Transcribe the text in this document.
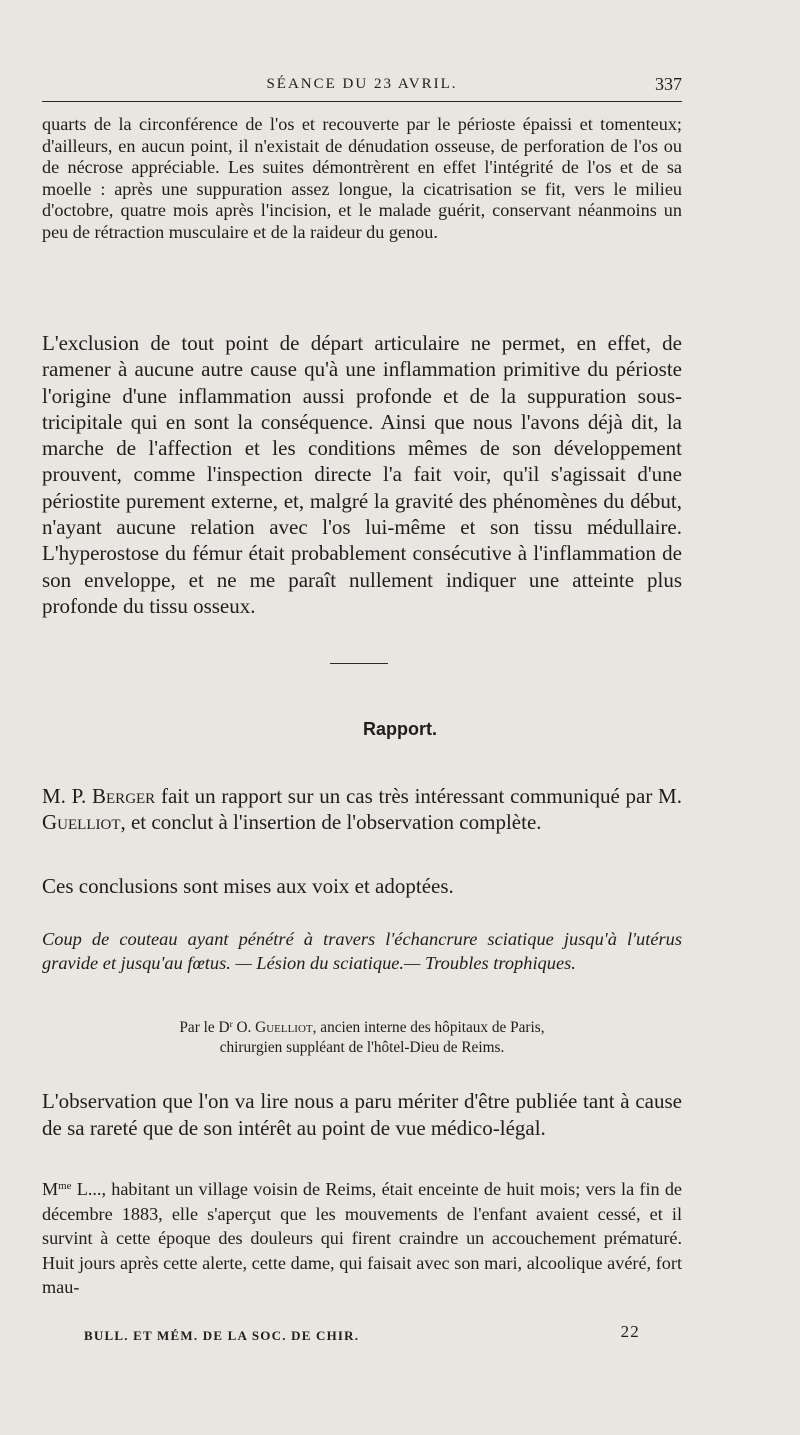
SÉANCE DU 23 AVRIL.	337

quarts de la circonférence de l'os et recouverte par le périoste épaissi et tomenteux; d'ailleurs, en aucun point, il n'existait de dénudation osseuse, de perforation de l'os ou de nécrose appréciable. Les suites démontrèrent en effet l'intégrité de l'os et de sa moelle : après une suppuration assez longue, la cicatrisation se fit, vers le milieu d'octobre, quatre mois après l'incision, et le malade guérit, conservant néanmoins un peu de rétraction musculaire et de la raideur du genou.

L'exclusion de tout point de départ articulaire ne permet, en effet, de ramener à aucune autre cause qu'à une inflammation primitive du périoste l'origine d'une inflammation aussi profonde et de la suppuration sous-tricipitale qui en sont la conséquence. Ainsi que nous l'avons déjà dit, la marche de l'affection et les conditions mêmes de son développement prouvent, comme l'inspection directe l'a fait voir, qu'il s'agissait d'une périostite purement externe, et, malgré la gravité des phénomènes du début, n'ayant aucune relation avec l'os lui-même et son tissu médullaire. L'hyperostose du fémur était probablement consécutive à l'inflammation de son enveloppe, et ne me paraît nullement indiquer une atteinte plus profonde du tissu osseux.

Rapport.

M. P. Berger fait un rapport sur un cas très intéressant communiqué par M. Guelliot, et conclut à l'insertion de l'observation complète.

Ces conclusions sont mises aux voix et adoptées.

Coup de couteau ayant pénétré à travers l'échancrure sciatique jusqu'à l'utérus gravide et jusqu'au fœtus. — Lésion du sciatique.— Troubles trophiques.

Par le $D^r$ O. Guelliot, ancien interne des hôpitaux de Paris,
chirurgien suppléant de l'hôtel-Dieu de Reims.

L'observation que l'on va lire nous a paru mériter d'être publiée tant à cause de sa rareté que de son intérêt au point de vue médico-légal.

$M^{me}$ L..., habitant un village voisin de Reims, était enceinte de huit mois; vers la fin de décembre 1883, elle s'aperçut que les mouvements de l'enfant avaient cessé, et il survint à cette époque des douleurs qui firent craindre un accouchement prématuré. Huit jours après cette alerte, cette dame, qui faisait avec son mari, alcoolique avéré, fort mau-

BULL. ET MÉM. DE LA SOC. DE CHIR.	22
